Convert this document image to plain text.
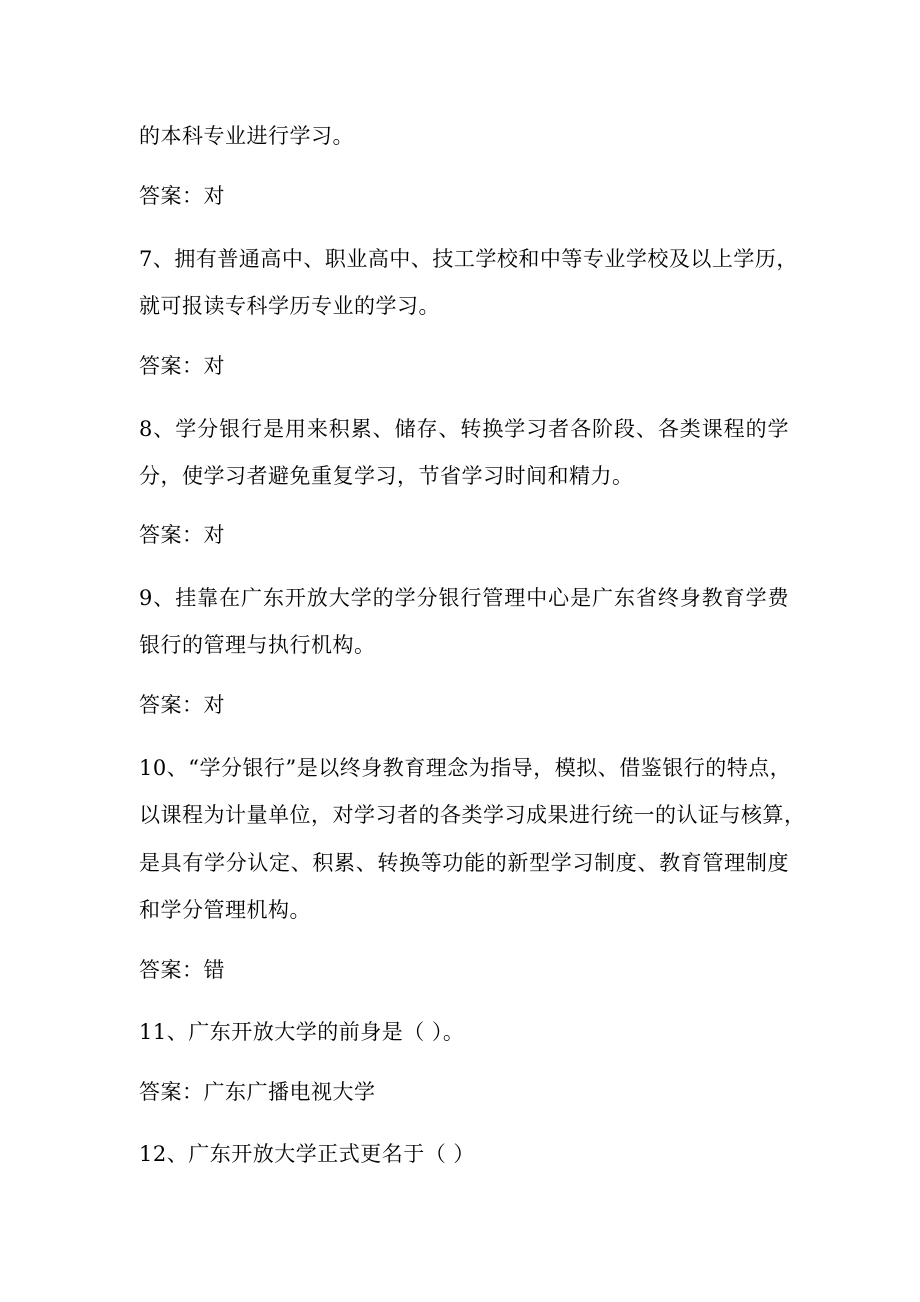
的本科专业进行学习。
答案：对
7、拥有普通高中、职业高中、技工学校和中等专业学校及以上学历，
就可报读专科学历专业的学习。
答案：对
8、学分银行是用来积累、储存、转换学习者各阶段、各类课程的学
分，使学习者避免重复学习，节省学习时间和精力。
答案：对
9、挂靠在广东开放大学的学分银行管理中心是广东省终身教育学费
银行的管理与执行机构。
答案：对
10、“学分银行”是以终身教育理念为指导，模拟、借鉴银行的特点，
以课程为计量单位，对学习者的各类学习成果进行统一的认证与核算，
是具有学分认定、积累、转换等功能的新型学习制度、教育管理制度
和学分管理机构。
答案：错
11、广东开放大学的前身是（ ）。
答案：广东广播电视大学
12、广东开放大学正式更名于（ ）
